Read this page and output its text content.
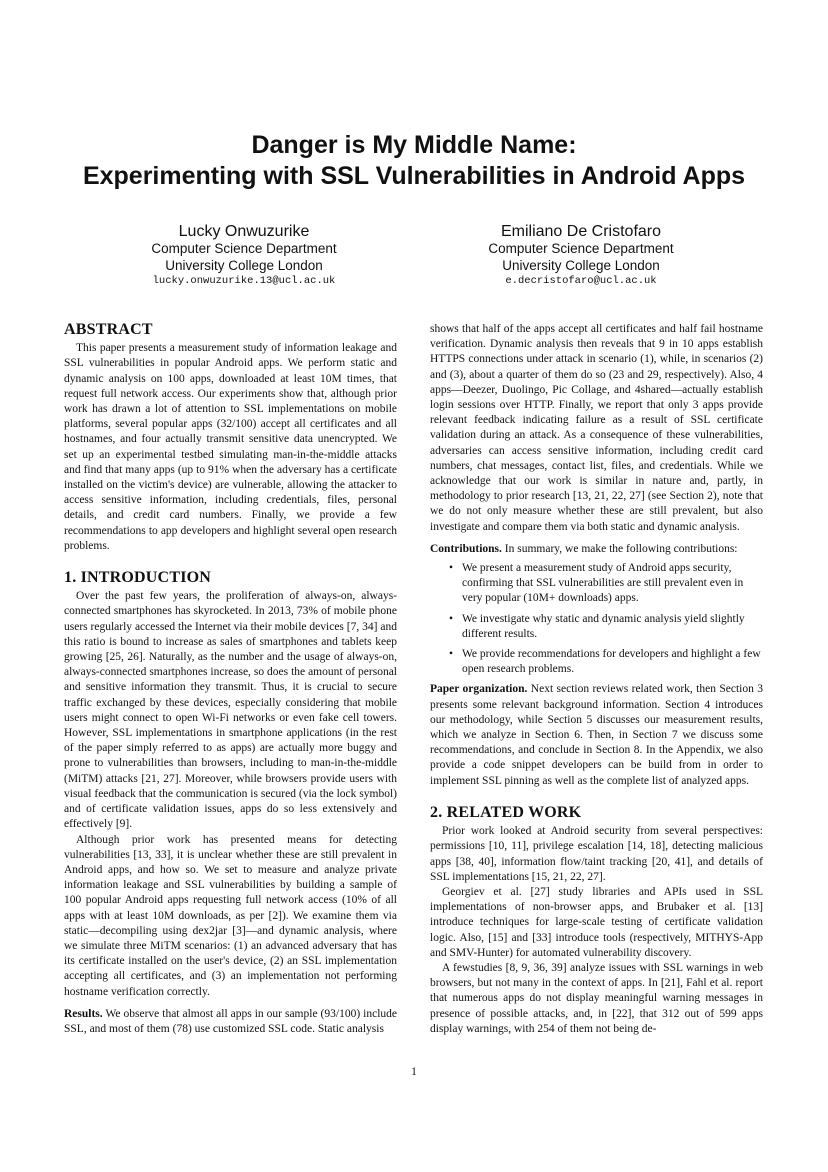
Danger is My Middle Name:
Experimenting with SSL Vulnerabilities in Android Apps
Lucky Onwuzurike
Computer Science Department
University College London
lucky.onwuzurike.13@ucl.ac.uk
Emiliano De Cristofaro
Computer Science Department
University College London
e.decristofaro@ucl.ac.uk
ABSTRACT

This paper presents a measurement study of information leakage and SSL vulnerabilities in popular Android apps. We perform static and dynamic analysis on 100 apps, downloaded at least 10M times, that request full network access. Our experiments show that, although prior work has drawn a lot of attention to SSL implementations on mobile platforms, several popular apps (32/100) accept all certificates and all hostnames, and four actually transmit sensitive data unencrypted. We set up an experimental testbed simulating man-in-the-middle attacks and find that many apps (up to 91% when the adversary has a certificate installed on the victim's device) are vulnerable, allowing the attacker to access sensitive information, including credentials, files, personal details, and credit card numbers. Finally, we provide a few recommendations to app developers and highlight several open research problems.

1. INTRODUCTION

Over the past few years, the proliferation of always-on, always-connected smartphones has skyrocketed. In 2013, 73% of mobile phone users regularly accessed the Internet via their mobile devices [7, 34] and this ratio is bound to increase as sales of smartphones and tablets keep growing [25, 26]. Naturally, as the number and the usage of always-on, always-connected smartphones increase, so does the amount of personal and sensitive information they transmit. Thus, it is crucial to secure traffic exchanged by these devices, especially considering that mobile users might connect to open Wi-Fi networks or even fake cell towers. However, SSL implementations in smartphone applications (in the rest of the paper simply referred to as apps) are actually more buggy and prone to vulnerabilities than browsers, including to man-in-the-middle (MiTM) attacks [21, 27]. Moreover, while browsers provide users with visual feedback that the communication is secured (via the lock symbol) and of certificate validation issues, apps do so less extensively and effectively [9].

Although prior work has presented means for detecting vulnerabilities [13, 33], it is unclear whether these are still prevalent in Android apps, and how so. We set to measure and analyze private information leakage and SSL vulnerabilities by building a sample of 100 popular Android apps requesting full network access (10% of all apps with at least 10M downloads, as per [2]). We examine them via static—decompiling using dex2jar [3]—and dynamic analysis, where we simulate three MiTM scenarios: (1) an advanced adversary that has its certificate installed on the user's device, (2) an SSL implementation accepting all certificates, and (3) an implementation not performing hostname verification correctly.

Results. We observe that almost all apps in our sample (93/100) include SSL, and most of them (78) use customized SSL code. Static analysis

shows that half of the apps accept all certificates and half fail hostname verification. Dynamic analysis then reveals that 9 in 10 apps establish HTTPS connections under attack in scenario (1), while, in scenarios (2) and (3), about a quarter of them do so (23 and 29, respectively). Also, 4 apps—Deezer, Duolingo, Pic Collage, and 4shared—actually establish login sessions over HTTP. Finally, we report that only 3 apps provide relevant feedback indicating failure as a result of SSL certificate validation during an attack. As a consequence of these vulnerabilities, adversaries can access sensitive information, including credit card numbers, chat messages, contact list, files, and credentials. While we acknowledge that our work is similar in nature and, partly, in methodology to prior research [13, 21, 22, 27] (see Section 2), note that we do not only measure whether these are still prevalent, but also investigate and compare them via both static and dynamic analysis.

Contributions. In summary, we make the following contributions:

• We present a measurement study of Android apps security, confirming that SSL vulnerabilities are still prevalent even in very popular (10M+ downloads) apps.
• We investigate why static and dynamic analysis yield slightly different results.
• We provide recommendations for developers and highlight a few open research problems.

Paper organization. Next section reviews related work, then Section 3 presents some relevant background information. Section 4 introduces our methodology, while Section 5 discusses our measurement results, which we analyze in Section 6. Then, in Section 7 we discuss some recommendations, and conclude in Section 8. In the Appendix, we also provide a code snippet developers can be build from in order to implement SSL pinning as well as the complete list of analyzed apps.

2. RELATED WORK

Prior work looked at Android security from several perspectives: permissions [10, 11], privilege escalation [14, 18], detecting malicious apps [38, 40], information flow/taint tracking [20, 41], and details of SSL implementations [15, 21, 22, 27].

Georgiev et al. [27] study libraries and APIs used in SSL implementations of non-browser apps, and Brubaker et al. [13] introduce techniques for large-scale testing of certificate validation logic. Also, [15] and [33] introduce tools (respectively, MITHYS-App and SMV-Hunter) for automated vulnerability discovery.

A fewstudies [8, 9, 36, 39] analyze issues with SSL warnings in web browsers, but not many in the context of apps. In [21], Fahl et al. report that numerous apps do not display meaningful warning messages in presence of possible attacks, and, in [22], that 312 out of 599 apps display warnings, with 254 of them not being de-

1
